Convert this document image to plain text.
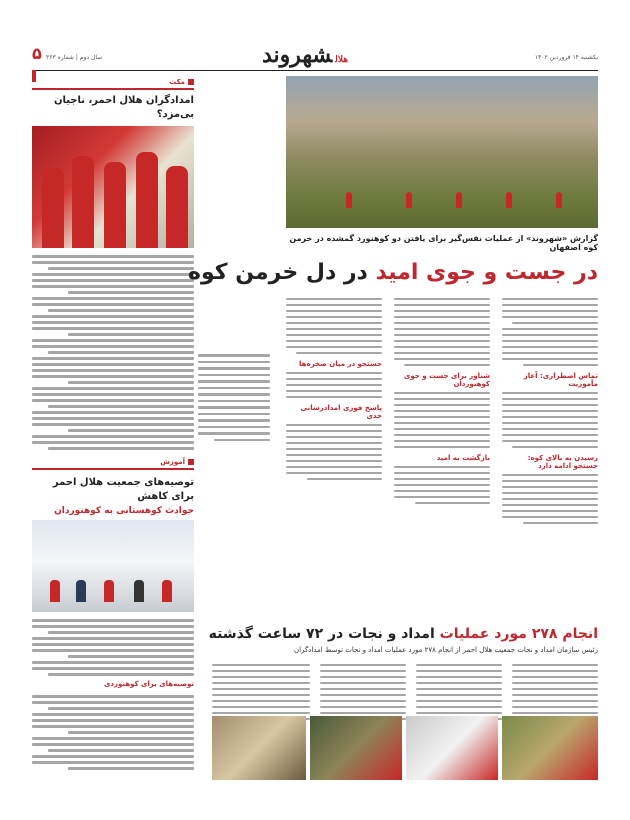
هلالشهروند	یکشنبه ۱۴ فروردین ۱۴۰۲
سال دوم | شماره ۳۶۳
۵
مکث
امدادگران هلال احمر، ناجیان بی‌مزد؟
آموزش
توصیه‌های جمعیت هلال احمر برای کاهش
حوادث کوهستانی به کوهنوردان
توصیه‌های برای کوهنوردی
گزارش «شهروند» از عملیات نفس‌گیر برای یافتن دو کوهنورد گمشده در خرمن کوه اصفهان
در جست و جوی امید در دل خرمن کوه
تماس اضطراری: آغاز مأموریت
رسیدن به بالای کوه: جستجو ادامه دارد
شناور برای جست و جوی کوهنوردان
بازگشت به امید
جستجو در میان صخره‌ها
پاسخ فوری امدادرسانی جدی
انجام ۲۷۸ مورد عملیات امداد و نجات در ۷۲ ساعت گذشته
رئیس سازمان امداد و نجات جمعیت هلال احمر از انجام ۲۷۸ مورد عملیات امداد و نجات توسط امدادگران
